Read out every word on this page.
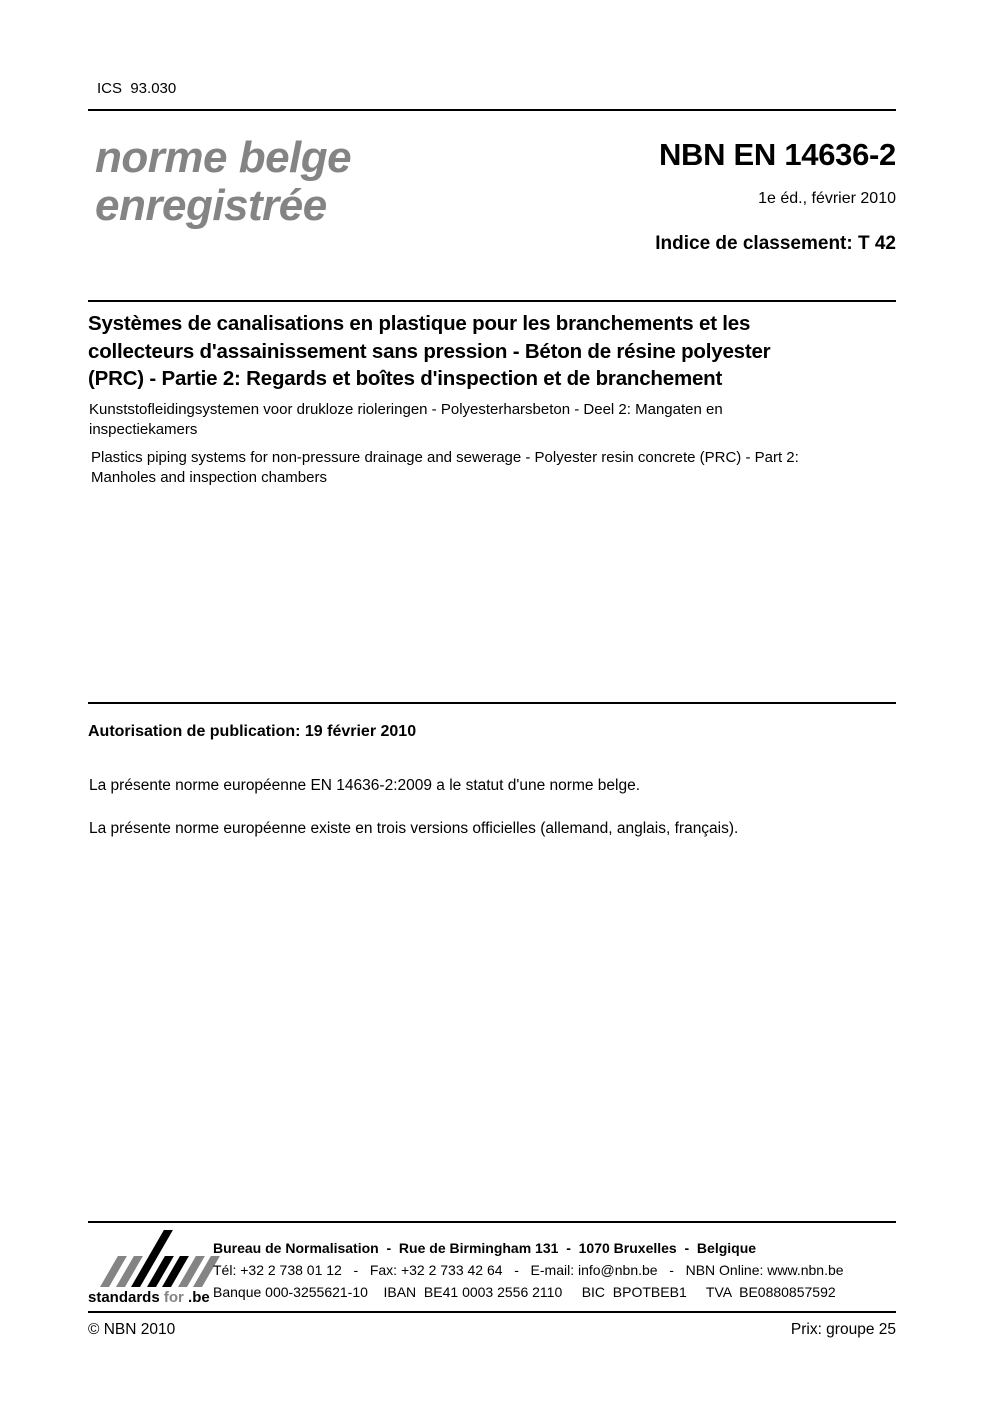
ICS  93.030
norme belge
enregistrée
NBN EN 14636-2
1e éd., février 2010
Indice de classement: T 42
Systèmes de canalisations en plastique pour les branchements et les
collecteurs d'assainissement sans pression - Béton de résine polyester
(PRC) - Partie 2: Regards et boîtes d'inspection et de branchement
Kunststofleidingsystemen voor drukloze rioleringen - Polyesterharsbeton - Deel 2: Mangaten en
inspectiekamers
Plastics piping systems for non-pressure drainage and sewerage - Polyester resin concrete (PRC) - Part 2:
Manholes and inspection chambers
Autorisation de publication: 19 février 2010
La présente norme européenne EN 14636-2:2009 a le statut d'une norme belge.
La présente norme européenne existe en trois versions officielles (allemand, anglais, français).
standards for .be
Bureau de Normalisation  -  Rue de Birmingham 131  -  1070 Bruxelles  -  Belgique
Tél: +32 2 738 01 12   -   Fax: +32 2 733 42 64   -   E-mail: info@nbn.be   -   NBN Online: www.nbn.be
Banque 000-3255621-10    IBAN  BE41 0003 2556 2110     BIC  BPOTBEB1     TVA  BE0880857592
© NBN 2010	Prix: groupe 25
